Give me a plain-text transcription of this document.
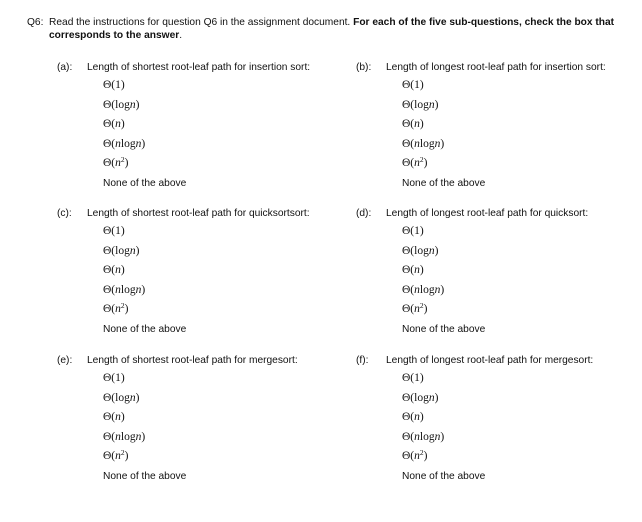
Q6: Read the instructions for question Q6 in the assignment document. For each of the five sub-questions, check the box that corresponds to the answer.
(a): Length of shortest root-leaf path for insertion sort:
Θ(1)
Θ(logn)
Θ(n)
Θ(nlogn)
$\Theta(n^2)$
None of the above
(b): Length of longest root-leaf path for insertion sort:
Θ(1)
Θ(logn)
Θ(n)
Θ(nlogn)
$\Theta(n^2)$
None of the above
(c): Length of shortest root-leaf path for quicksortsort:
Θ(1)
Θ(logn)
Θ(n)
Θ(nlogn)
$\Theta(n^2)$
None of the above
(d): Length of longest root-leaf path for quicksort:
Θ(1)
Θ(logn)
Θ(n)
Θ(nlogn)
$\Theta(n^2)$
None of the above
(e): Length of shortest root-leaf path for mergesort:
Θ(1)
Θ(logn)
Θ(n)
Θ(nlogn)
$\Theta(n^2)$
None of the above
(f): Length of longest root-leaf path for mergesort:
Θ(1)
Θ(logn)
Θ(n)
Θ(nlogn)
$\Theta(n^2)$
None of the above
